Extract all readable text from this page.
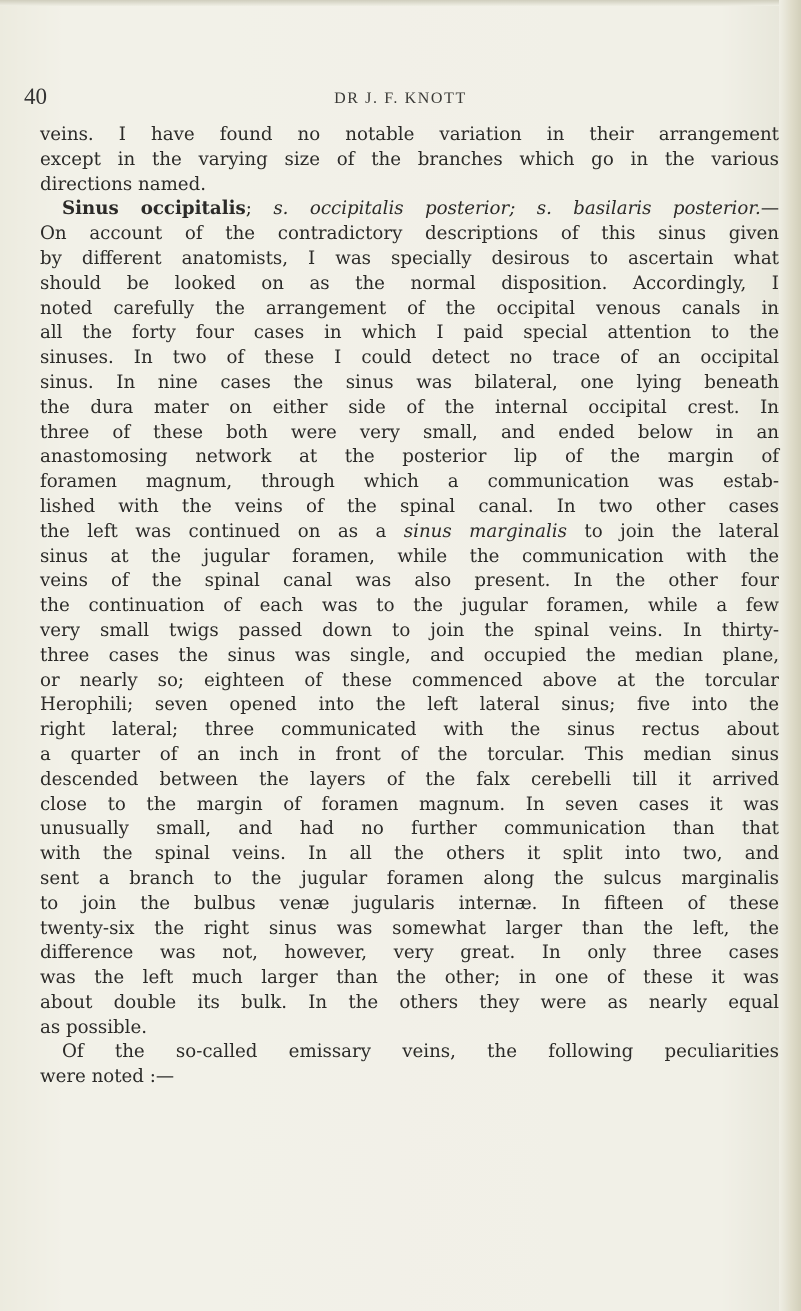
40	DR J. F. KNOTT
veins. I have found no notable variation in their arrangement
except in the varying size of the branches which go in the various
directions named.
Sinus occipitalis; s. occipitalis posterior; s. basilaris posterior.—
On account of the contradictory descriptions of this sinus given
by different anatomists, I was specially desirous to ascertain what
should be looked on as the normal disposition. Accordingly, I
noted carefully the arrangement of the occipital venous canals in
all the forty four cases in which I paid special attention to the
sinuses. In two of these I could detect no trace of an occipital
sinus. In nine cases the sinus was bilateral, one lying beneath
the dura mater on either side of the internal occipital crest. In
three of these both were very small, and ended below in an
anastomosing network at the posterior lip of the margin of
foramen magnum, through which a communication was estab-
lished with the veins of the spinal canal. In two other cases
the left was continued on as a sinus marginalis to join the lateral
sinus at the jugular foramen, while the communication with the
veins of the spinal canal was also present. In the other four
the continuation of each was to the jugular foramen, while a few
very small twigs passed down to join the spinal veins. In thirty-
three cases the sinus was single, and occupied the median plane,
or nearly so; eighteen of these commenced above at the torcular
Herophili; seven opened into the left lateral sinus; five into the
right lateral; three communicated with the sinus rectus about
a quarter of an inch in front of the torcular. This median sinus
descended between the layers of the falx cerebelli till it arrived
close to the margin of foramen magnum. In seven cases it was
unusually small, and had no further communication than that
with the spinal veins. In all the others it split into two, and
sent a branch to the jugular foramen along the sulcus marginalis
to join the bulbus venæ jugularis internæ. In fifteen of these
twenty-six the right sinus was somewhat larger than the left, the
difference was not, however, very great. In only three cases
was the left much larger than the other; in one of these it was
about double its bulk. In the others they were as nearly equal
as possible.
Of the so-called emissary veins, the following peculiarities
were noted :—
